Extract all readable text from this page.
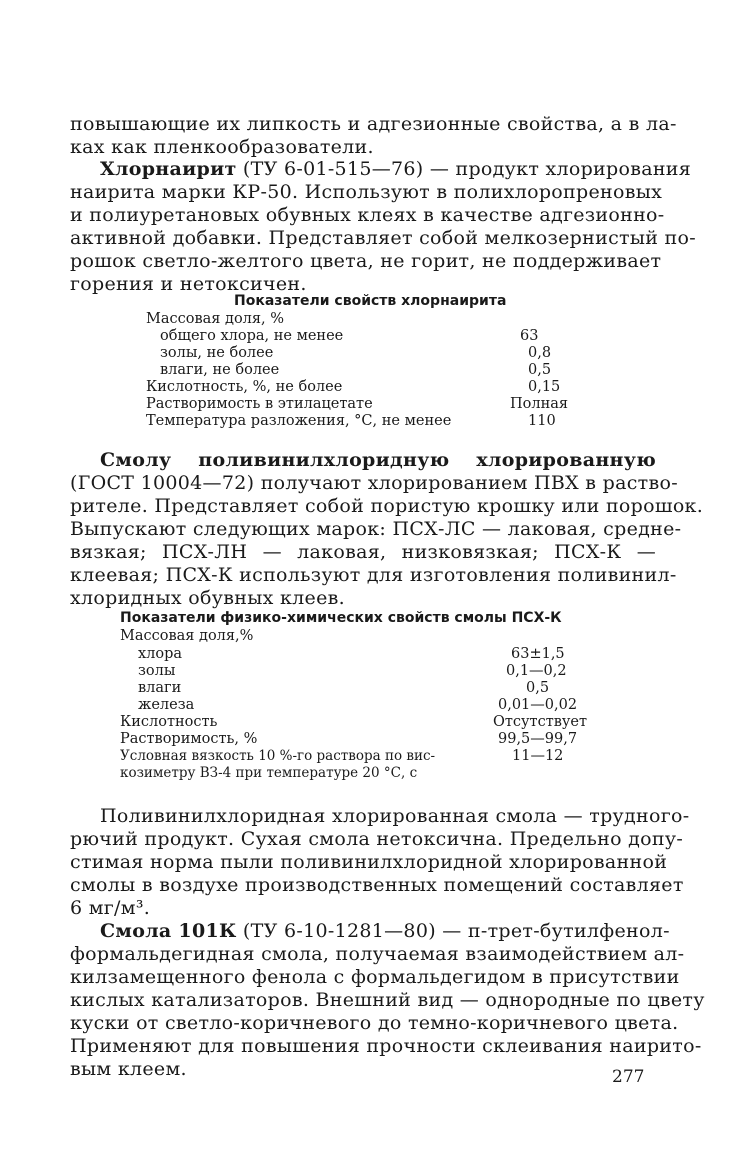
повышающие их липкость и адгезионные свойства, а в ла-
ках как пленкообразователи.
Хлорнаирит (ТУ 6-01-515—76) — продукт хлорирования
наирита марки КР-50. Используют в полихлоропреновых
и полиуретановых обувных клеях в качестве адгезионно-
активной добавки. Представляет собой мелкозернистый по-
рошок светло-желтого цвета, не горит, не поддерживает
горения и нетоксичен.
Показатели свойств хлорнаирита
Массовая доля, %
общего хлора, не менее	63
золы, не более	0,8
влаги, не более	0,5
Кислотность, %, не более	0,15
Растворимость в этилацетате	Полная
Температура разложения, °С, не менее	110
Смолу поливинилхлоридную хлорированную
(ГОСТ 10004—72) получают хлорированием ПВХ в раство-
рителе. Представляет собой пористую крошку или порошок.
Выпускают следующих марок: ПСХ-ЛС — лаковая, средне-
вязкая; ПСХ-ЛН — лаковая, низковязкая; ПСХ-К —
клеевая; ПСХ-К используют для изготовления поливинил-
хлоридных обувных клеев.
Показатели физико-химических свойств смолы ПСХ-К
Массовая доля,%
хлора	63±1,5
золы	0,1—0,2
влаги	0,5
железа	0,01—0,02
Кислотность	Отсутствует
Растворимость, %	99,5—99,7
Условная вязкость 10 %-го раствора по вис-	11—12
козиметру ВЗ-4 при температуре 20 °С, с
Поливинилхлоридная хлорированная смола — трудного-
рючий продукт. Сухая смола нетоксична. Предельно допу-
стимая норма пыли поливинилхлоридной хлорированной
смолы в воздухе производственных помещений составляет
6 мг/м³.
Смола 101К (ТУ 6-10-1281—80) — п-трет-бутилфенол-
формальдегидная смола, получаемая взаимодействием ал-
килзамещенного фенола с формальдегидом в присутствии
кислых катализаторов. Внешний вид — однородные по цвету
куски от светло-коричневого до темно-коричневого цвета.
Применяют для повышения прочности склеивания наирито-
вым клеем.	277
